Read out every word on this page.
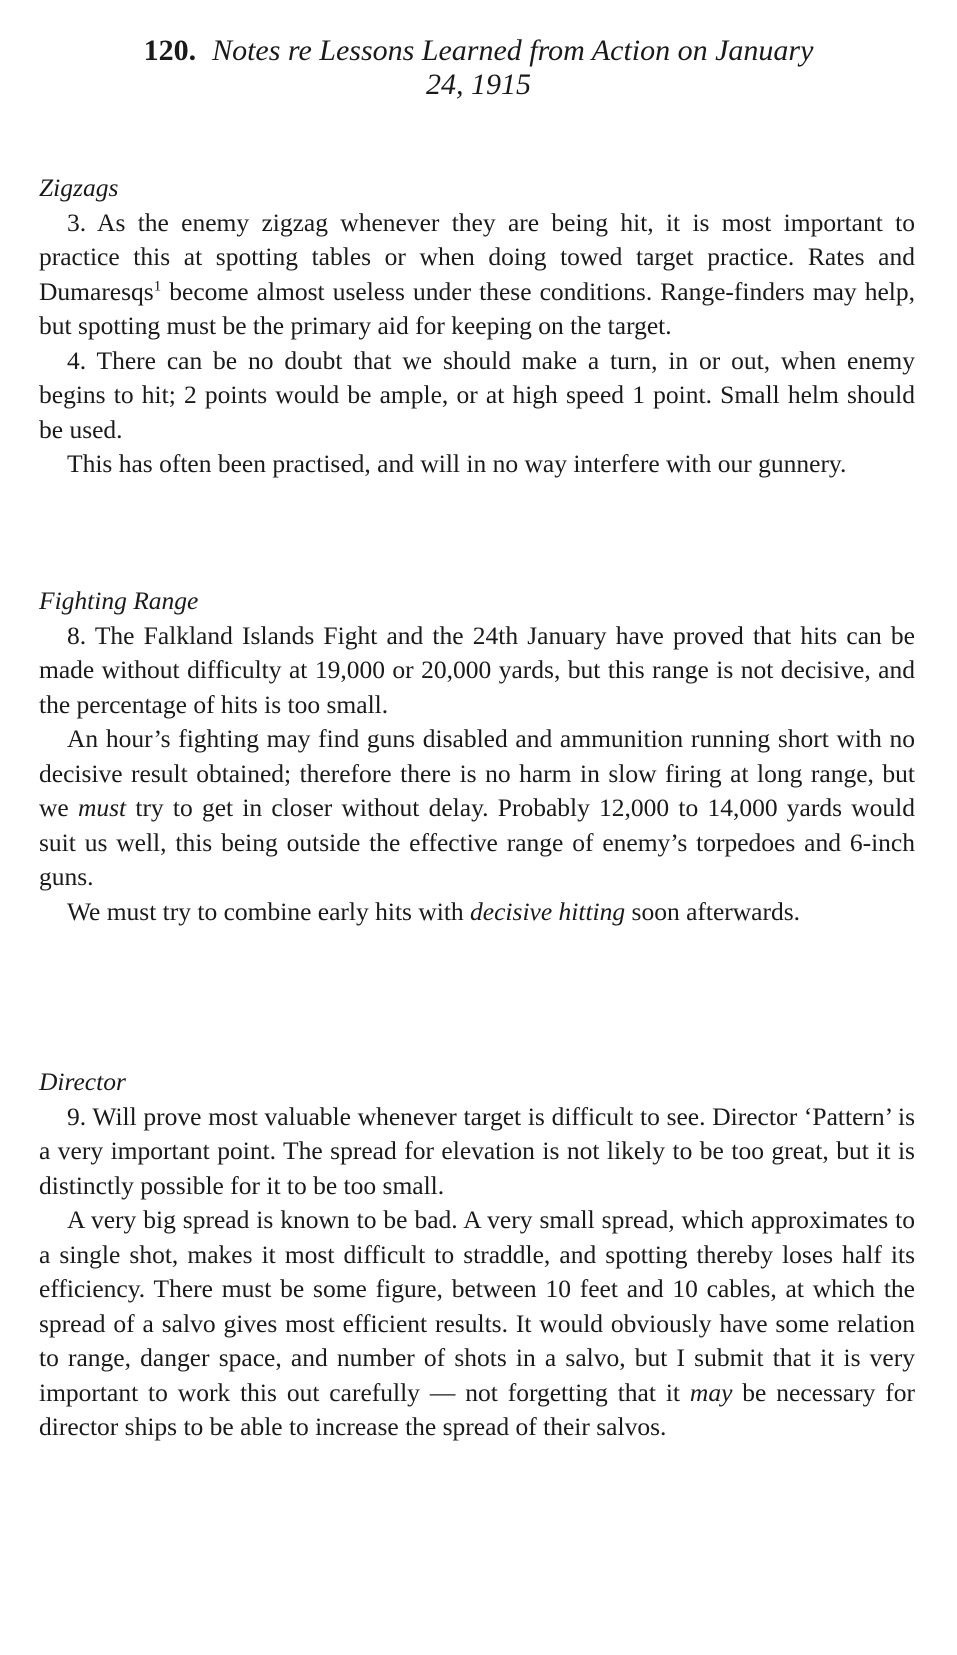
120. Notes re Lessons Learned from Action on January
24, 1915

Zigzags

3. As the enemy zigzag whenever they are being hit, it is most important to practice this at spotting tables or when doing towed target practice. Rates and Dumaresqs$^1$ become almost useless under these conditions. Range-finders may help, but spotting must be the primary aid for keeping on the target.

4. There can be no doubt that we should make a turn, in or out, when enemy begins to hit; 2 points would be ample, or at high speed 1 point. Small helm should be used.

This has often been practised, and will in no way interfere with our gunnery.

Fighting Range

8. The Falkland Islands Fight and the 24th January have proved that hits can be made without difficulty at 19,000 or 20,000 yards, but this range is not decisive, and the percentage of hits is too small.

An hour’s fighting may find guns disabled and ammunition running short with no decisive result obtained; therefore there is no harm in slow firing at long range, but we must try to get in closer without delay. Probably 12,000 to 14,000 yards would suit us well, this being outside the effective range of enemy’s torpedoes and 6-inch guns.

We must try to combine early hits with decisive hitting soon afterwards.

Director

9. Will prove most valuable whenever target is difficult to see. Director ‘Pattern’ is a very important point. The spread for elevation is not likely to be too great, but it is distinctly possible for it to be too small.

A very big spread is known to be bad. A very small spread, which approximates to a single shot, makes it most difficult to straddle, and spotting thereby loses half its efficiency. There must be some figure, between 10 feet and 10 cables, at which the spread of a salvo gives most efficient results. It would obviously have some relation to range, danger space, and number of shots in a salvo, but I submit that it is very important to work this out carefully — not forgetting that it may be necessary for director ships to be able to increase the spread of their salvos.
